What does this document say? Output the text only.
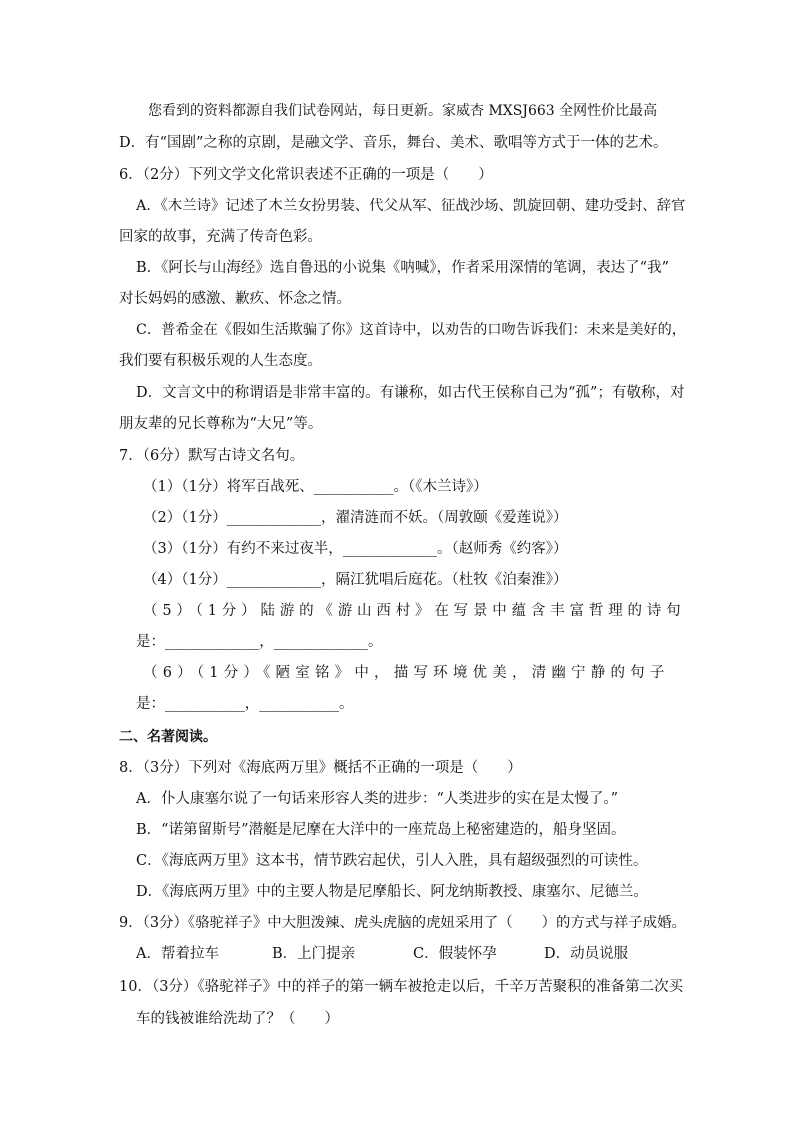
您看到的资料都源自我们试卷网站，每日更新。家威杏 MXSJ663 全网性价比最高
D．有“国剧”之称的京剧，是融文学、音乐，舞台、美术、歌唱等方式于一体的艺术。
6．（2分）下列文学文化常识表述不正确的一项是（　　）
A．《木兰诗》记述了木兰女扮男装、代父从军、征战沙场、凯旋回朝、建功受封、辞官
回家的故事，充满了传奇色彩。
B．《阿长与山海经》选自鲁迅的小说集《呐喊》，作者采用深情的笔调，表达了“我”
对长妈妈的感激、歉疚、怀念之情。
C．普希金在《假如生活欺骗了你》这首诗中，以劝告的口吻告诉我们：未来是美好的，
我们要有积极乐观的人生态度。
D．文言文中的称谓语是非常丰富的。有谦称，如古代王侯称自己为“孤”；有敬称，对
朋友辈的兄长尊称为“大兄”等。
7．（6分）默写古诗文名句。
（1）（1分）将军百战死、___________。（《木兰诗》）
（2）（1分）_____________，濯清涟而不妖。（周敦颐《爱莲说》）
（3）（1分）有约不来过夜半，_____________。（赵师秀《约客》）
（4）（1分）_____________，隔江犹唱后庭花。（杜牧《泊秦淮》）
（5）（1分）陆游的《游山西村》在写景中蕴含丰富哲理的诗句
是：_____________，_____________。
（6）（1分）《陋室铭》中，描写环境优美，清幽宁静的句子
是：___________，___________。
二、名著阅读。
8．（3分）下列对《海底两万里》概括不正确的一项是（　　）
A．仆人康塞尔说了一句话来形容人类的进步：“人类进步的实在是太慢了。”
B．“诺第留斯号”潜艇是尼摩在大洋中的一座荒岛上秘密建造的，船身坚固。
C．《海底两万里》这本书，情节跌宕起伏，引人入胜，具有超级强烈的可读性。
D．《海底两万里》中的主要人物是尼摩船长、阿龙纳斯教授、康塞尔、尼德兰。
9．（3分）《骆驼祥子》中大胆泼辣、虎头虎脑的虎妞采用了（　　）的方式与祥子成婚。
A．帮着拉车	B．上门提亲	C．假装怀孕	D．动员说服
10．（3分）《骆驼祥子》中的祥子的第一辆车被抢走以后，千辛万苦聚积的准备第二次买
车的钱被谁给洗劫了？（　　）
